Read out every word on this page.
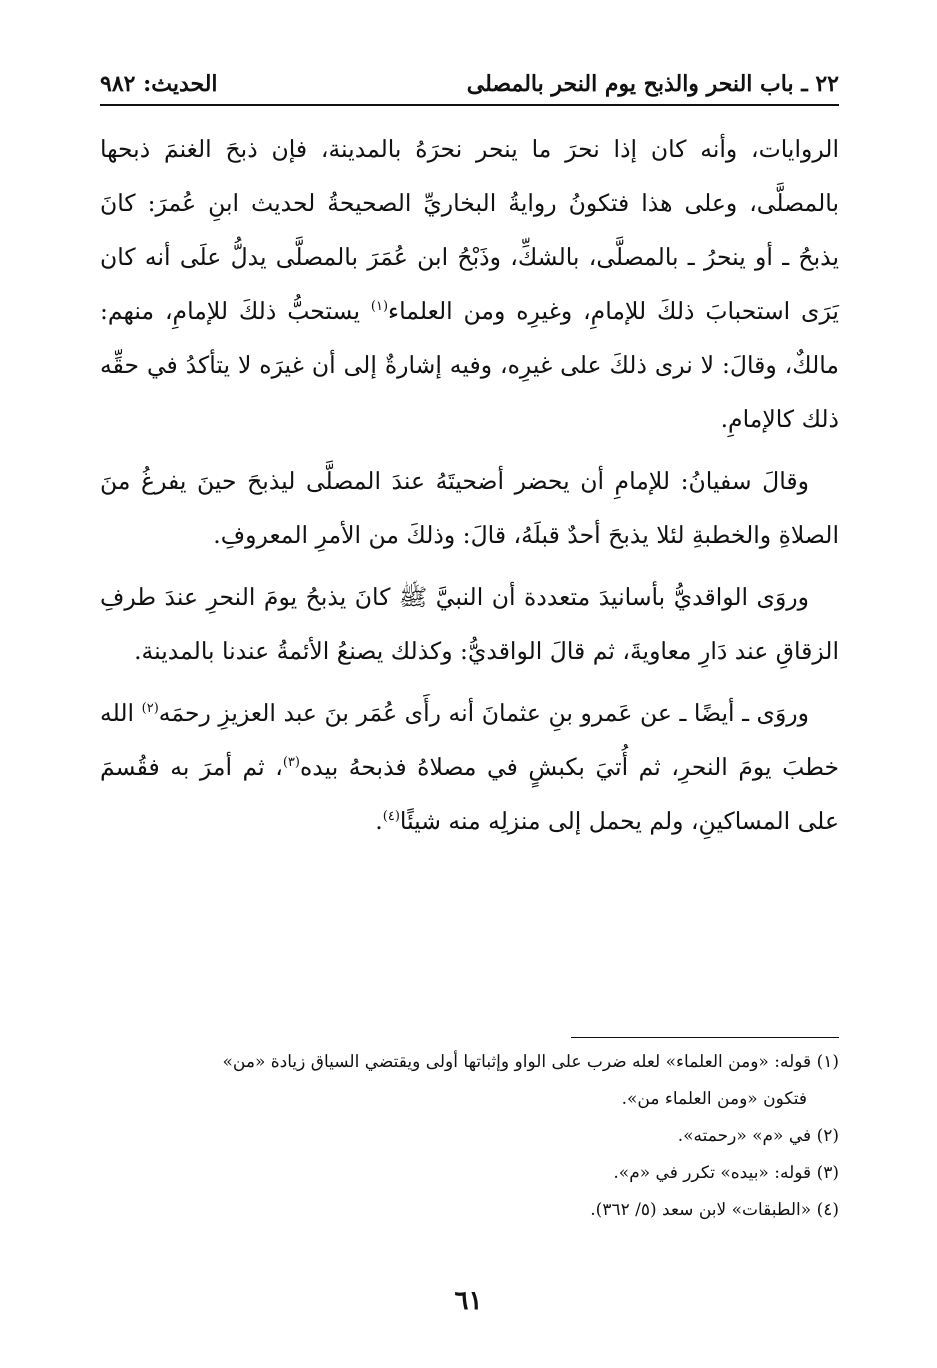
٢٢ ـ باب النحر والذبح يوم النحر بالمصلى
الحديث: ٩٨٢

الروايات، وأنه كان إذا نحرَ ما ينحر نحرَهُ بالمدينة، فإن ذبحَ الغنمَ ذبحها بالمصلَّى، وعلى هذا فتكونُ روايةُ البخاريِّ الصحيحةُ لحديث ابنِ عُمرَ: كانَ يذبحُ ـ أو ينحرُ ـ بالمصلَّى، بالشكِّ، وذَبْحُ ابن عُمَرَ بالمصلَّى يدلُّ علَى أنه كان يَرَى استحبابَ ذلكَ للإمامِ، وغيرِه ومن العلماء$^{(١)}$ يستحبُّ ذلكَ للإمامِ، منهم: مالكٌ، وقالَ: لا نرى ذلكَ على غيرِه، وفيه إشارةٌ إلى أن غيرَه لا يتأكدُ في حقِّه ذلك كالإمامِ.

وقالَ سفيانُ: للإمامِ أن يحضر أضحيتَهُ عندَ المصلَّى ليذبحَ حينَ يفرغُ منَ الصلاةِ والخطبةِ لئلا يذبحَ أحدٌ قبلَهُ، قالَ: وذلكَ من الأمرِ المعروفِ.

وروَى الواقديُّ بأسانيدَ متعددة أن النبيَّ ﷺ كانَ يذبحُ يومَ النحرِ عندَ طرفِ الزقاقِ عند دَارِ معاويةَ، ثم قالَ الواقديُّ: وكذلك يصنعُ الأئمةُ عندنا بالمدينة.

وروَى ـ أيضًا ـ عن عَمرو بنِ عثمانَ أنه رأَى عُمَر بنَ عبد العزيزِ رحمَه$^{(٢)}$ الله خطبَ يومَ النحرِ، ثم أُتيَ بكبشٍ في مصلاهُ فذبحهُ بيده$^{(٣)}$، ثم أمرَ به فقُسمَ على المساكينِ، ولم يحمل إلى منزلِه منه شيئًا$^{(٤)}$.

(١) قوله: «ومن العلماء» لعله ضرب على الواو وإثباتها أولى ويقتضي السياق زيادة «من»

فتكون «ومن العلماء من».

(٢) في «م» «رحمته».

(٣) قوله: «بيده» تكرر في «م».

(٤) «الطبقات» لابن سعد (٥/ ٣٦٢).

٦١
